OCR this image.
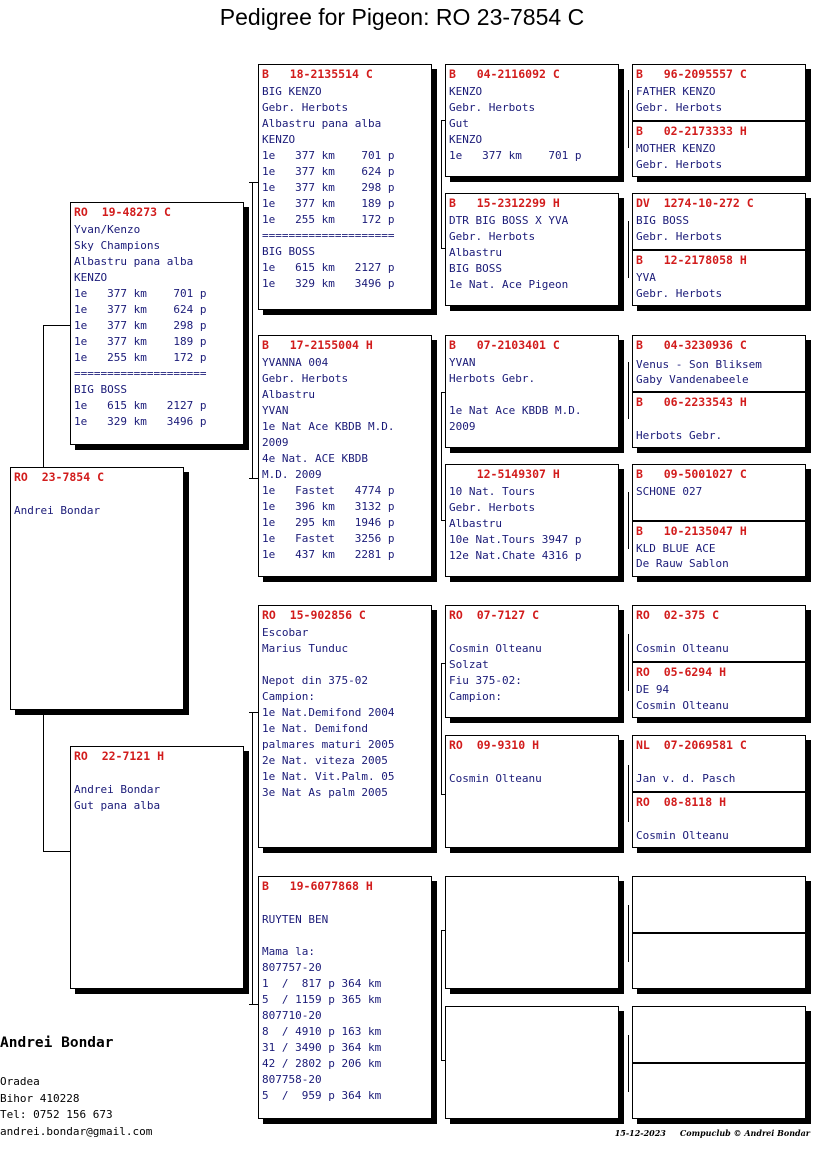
Pedigree for Pigeon: RO 23-7854 C
RO  23-7854 C

Andrei Bondar
RO  19-48273 C
Yvan/Kenzo
Sky Champions
Albastru pana alba
KENZO
1e   377 km    701 p
1e   377 km    624 p
1e   377 km    298 p
1e   377 km    189 p
1e   255 km    172 p
====================
BIG BOSS
1e   615 km   2127 p
1e   329 km   3496 p
RO  22-7121 H

Andrei Bondar
Gut pana alba
B   18-2135514 C
BIG KENZO
Gebr. Herbots
Albastru pana alba
KENZO
1e   377 km    701 p
1e   377 km    624 p
1e   377 km    298 p
1e   377 km    189 p
1e   255 km    172 p
====================
BIG BOSS
1e   615 km   2127 p
1e   329 km   3496 p
B   17-2155004 H
YVANNA 004
Gebr. Herbots
Albastru
YVAN
1e Nat Ace KBDB M.D.
2009
4e Nat. ACE KBDB
M.D. 2009
1e   Fastet   4774 p
1e   396 km   3132 p
1e   295 km   1946 p
1e   Fastet   3256 p
1e   437 km   2281 p
RO  15-902856 C
Escobar
Marius Tunduc

Nepot din 375-02
Campion:
1e Nat.Demifond 2004
1e Nat. Demifond
palmares maturi 2005
2e Nat. viteza 2005
1e Nat. Vit.Palm. 05
3e Nat As palm 2005
B   19-6077868 H

RUYTEN BEN

Mama la:
807757-20
1  /  817 p 364 km
5  / 1159 p 365 km
807710-20
8  / 4910 p 163 km
31 / 3490 p 364 km
42 / 2802 p 206 km
807758-20
5  /  959 p 364 km
B   04-2116092 C
KENZO
Gebr. Herbots
Gut
KENZO
1e   377 km    701 p
B   15-2312299 H
DTR BIG BOSS X YVA
Gebr. Herbots
Albastru
BIG BOSS
1e Nat. Ace Pigeon
B   07-2103401 C
YVAN
Herbots Gebr.

1e Nat Ace KBDB M.D.
2009
12-5149307 H
10 Nat. Tours
Gebr. Herbots
Albastru
10e Nat.Tours 3947 p
12e Nat.Chate 4316 p
RO  07-7127 C

Cosmin Olteanu
Solzat
Fiu 375-02:
Campion:
RO  09-9310 H

Cosmin Olteanu
B   96-2095557 C
FATHER KENZO
Gebr. Herbots
B   02-2173333 H
MOTHER KENZO
Gebr. Herbots
DV  1274-10-272 C
BIG BOSS
Gebr. Herbots
B   12-2178058 H
YVA
Gebr. Herbots
B   04-3230936 C
Venus - Son Bliksem
Gaby Vandenabeele
B   06-2233543 H

Herbots Gebr.
B   09-5001027 C
SCHONE 027
B   10-2135047 H
KLD BLUE ACE
De Rauw Sablon
RO  02-375 C

Cosmin Olteanu
RO  05-6294 H
DE 94
Cosmin Olteanu
NL  07-2069581 C

Jan v. d. Pasch
RO  08-8118 H

Cosmin Olteanu
Andrei Bondar
Oradea
Bihor 410228
Tel: 0752 156 673
andrei.bondar@gmail.com	15-12-2023 Compuclub © Andrei Bondar
